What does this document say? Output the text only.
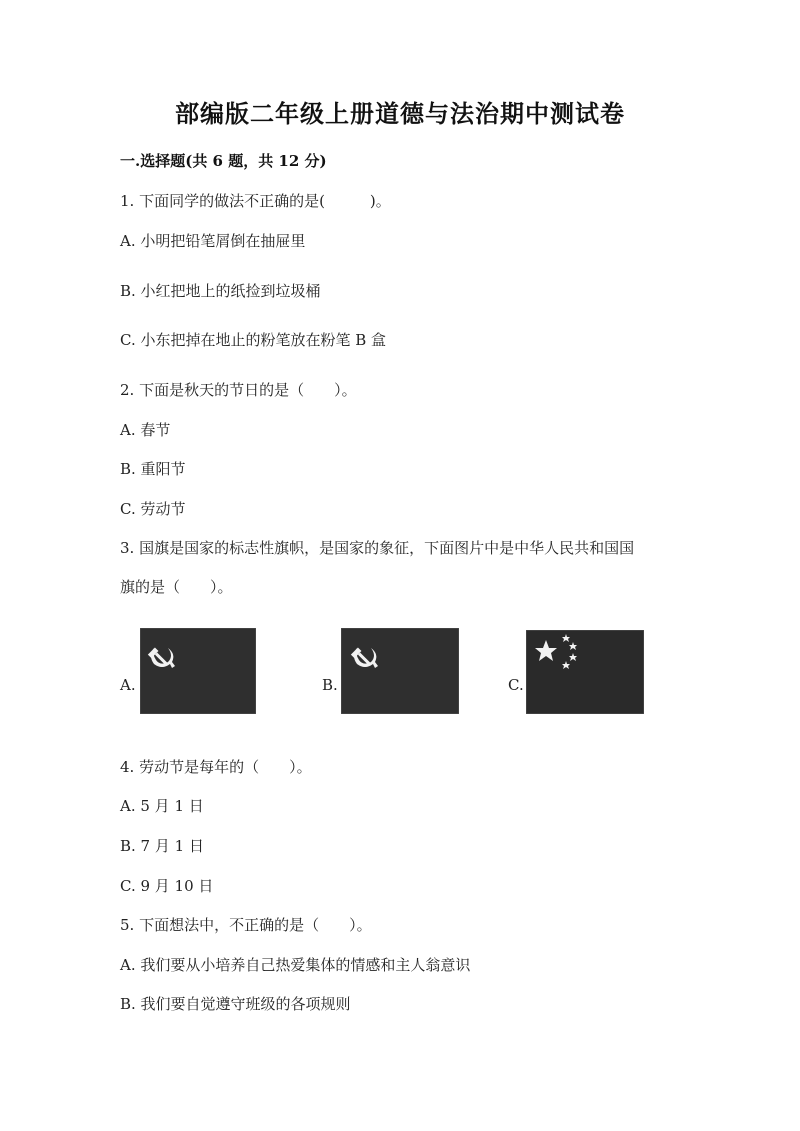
部编版二年级上册道德与法治期中测试卷
一.选择题(共 6 题，共 12 分)
1. 下面同学的做法不正确的是(　　　)。
A. 小明把铅笔屑倒在抽屉里
B. 小红把地上的纸捡到垃圾桶
C. 小东把掉在地止的粉笔放在粉笔 B 盒
2. 下面是秋天的节日的是（　　）。
A. 春节
B. 重阳节
C. 劳动节
3. 国旗是国家的标志性旗帜，是国家的象征，下面图片中是中华人民共和国国
旗的是（　　）。
A.	B.	C.
4. 劳动节是每年的（　　）。
A. 5 月 1 日
B. 7 月 1 日
C. 9 月 10 日
5. 下面想法中，不正确的是（　　）。
A. 我们要从小培养自己热爱集体的情感和主人翁意识
B. 我们要自觉遵守班级的各项规则
